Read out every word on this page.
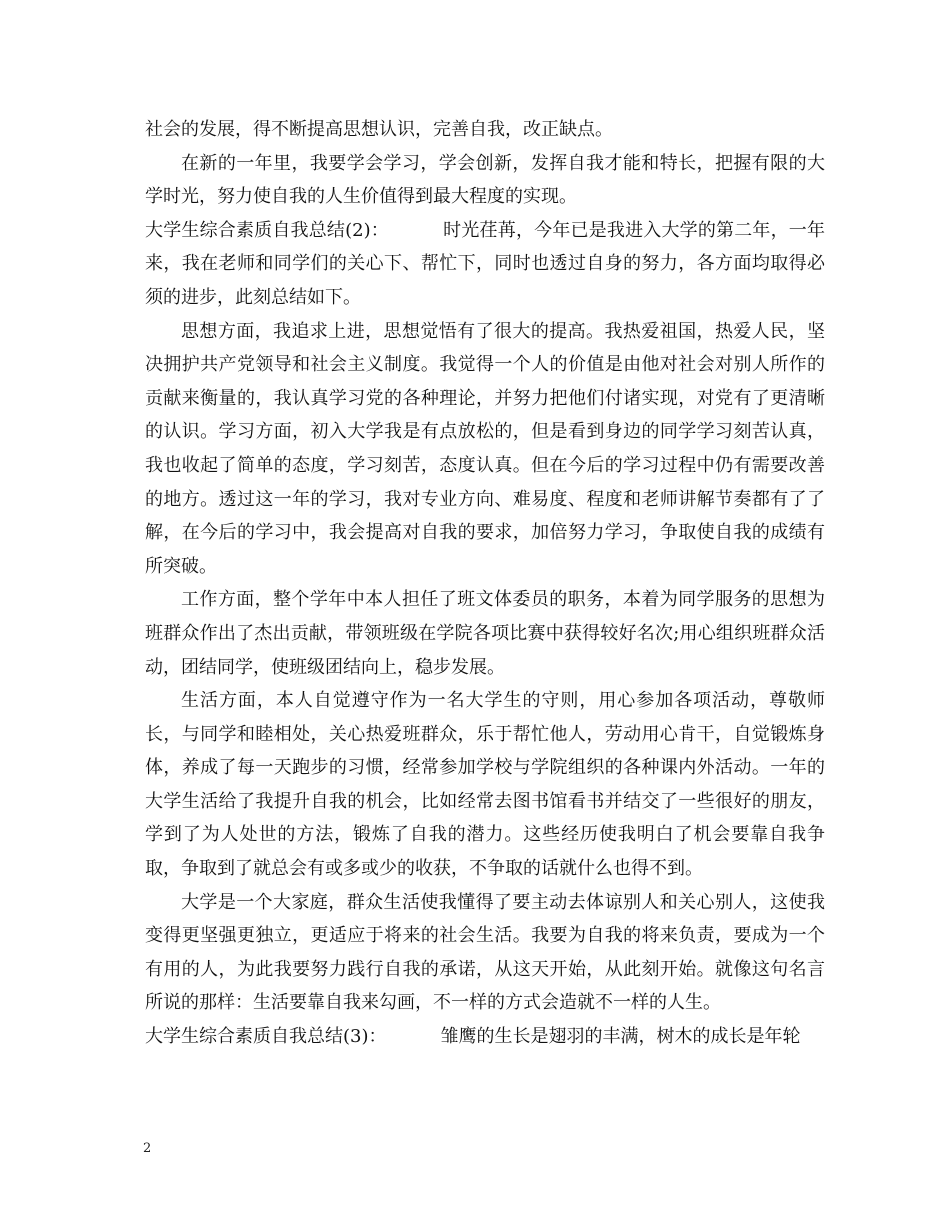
社会的发展，得不断提高思想认识，完善自我，改正缺点。

在新的一年里，我要学会学习，学会创新，发挥自我才能和特长，把握有限的大学时光，努力使自我的人生价值得到最大程度的实现。

大学生综合素质自我总结(2)：	时光荏苒，今年已是我进入大学的第二年，一年来，我在老师和同学们的关心下、帮忙下，同时也透过自身的努力，各方面均取得必须的进步，此刻总结如下。

思想方面，我追求上进，思想觉悟有了很大的提高。我热爱祖国，热爱人民，坚决拥护共产党领导和社会主义制度。我觉得一个人的价值是由他对社会对别人所作的贡献来衡量的，我认真学习党的各种理论，并努力把他们付诸实现，对党有了更清晰的认识。学习方面，初入大学我是有点放松的，但是看到身边的同学学习刻苦认真，我也收起了简单的态度，学习刻苦，态度认真。但在今后的学习过程中仍有需要改善的地方。透过这一年的学习，我对专业方向、难易度、程度和老师讲解节奏都有了了解，在今后的学习中，我会提高对自我的要求，加倍努力学习，争取使自我的成绩有所突破。

工作方面，整个学年中本人担任了班文体委员的职务，本着为同学服务的思想为班群众作出了杰出贡献，带领班级在学院各项比赛中获得较好名次;用心组织班群众活动，团结同学，使班级团结向上，稳步发展。

生活方面，本人自觉遵守作为一名大学生的守则，用心参加各项活动，尊敬师长，与同学和睦相处，关心热爱班群众，乐于帮忙他人，劳动用心肯干，自觉锻炼身体，养成了每一天跑步的习惯，经常参加学校与学院组织的各种课内外活动。一年的大学生活给了我提升自我的机会，比如经常去图书馆看书并结交了一些很好的朋友，学到了为人处世的方法，锻炼了自我的潜力。这些经历使我明白了机会要靠自我争取，争取到了就总会有或多或少的收获，不争取的话就什么也得不到。

大学是一个大家庭，群众生活使我懂得了要主动去体谅别人和关心别人，这使我变得更坚强更独立，更适应于将来的社会生活。我要为自我的将来负责，要成为一个有用的人，为此我要努力践行自我的承诺，从这天开始，从此刻开始。就像这句名言所说的那样：生活要靠自我来勾画，不一样的方式会造就不一样的人生。

大学生综合素质自我总结(3)：	雏鹰的生长是翅羽的丰满，树木的成长是年轮

2
